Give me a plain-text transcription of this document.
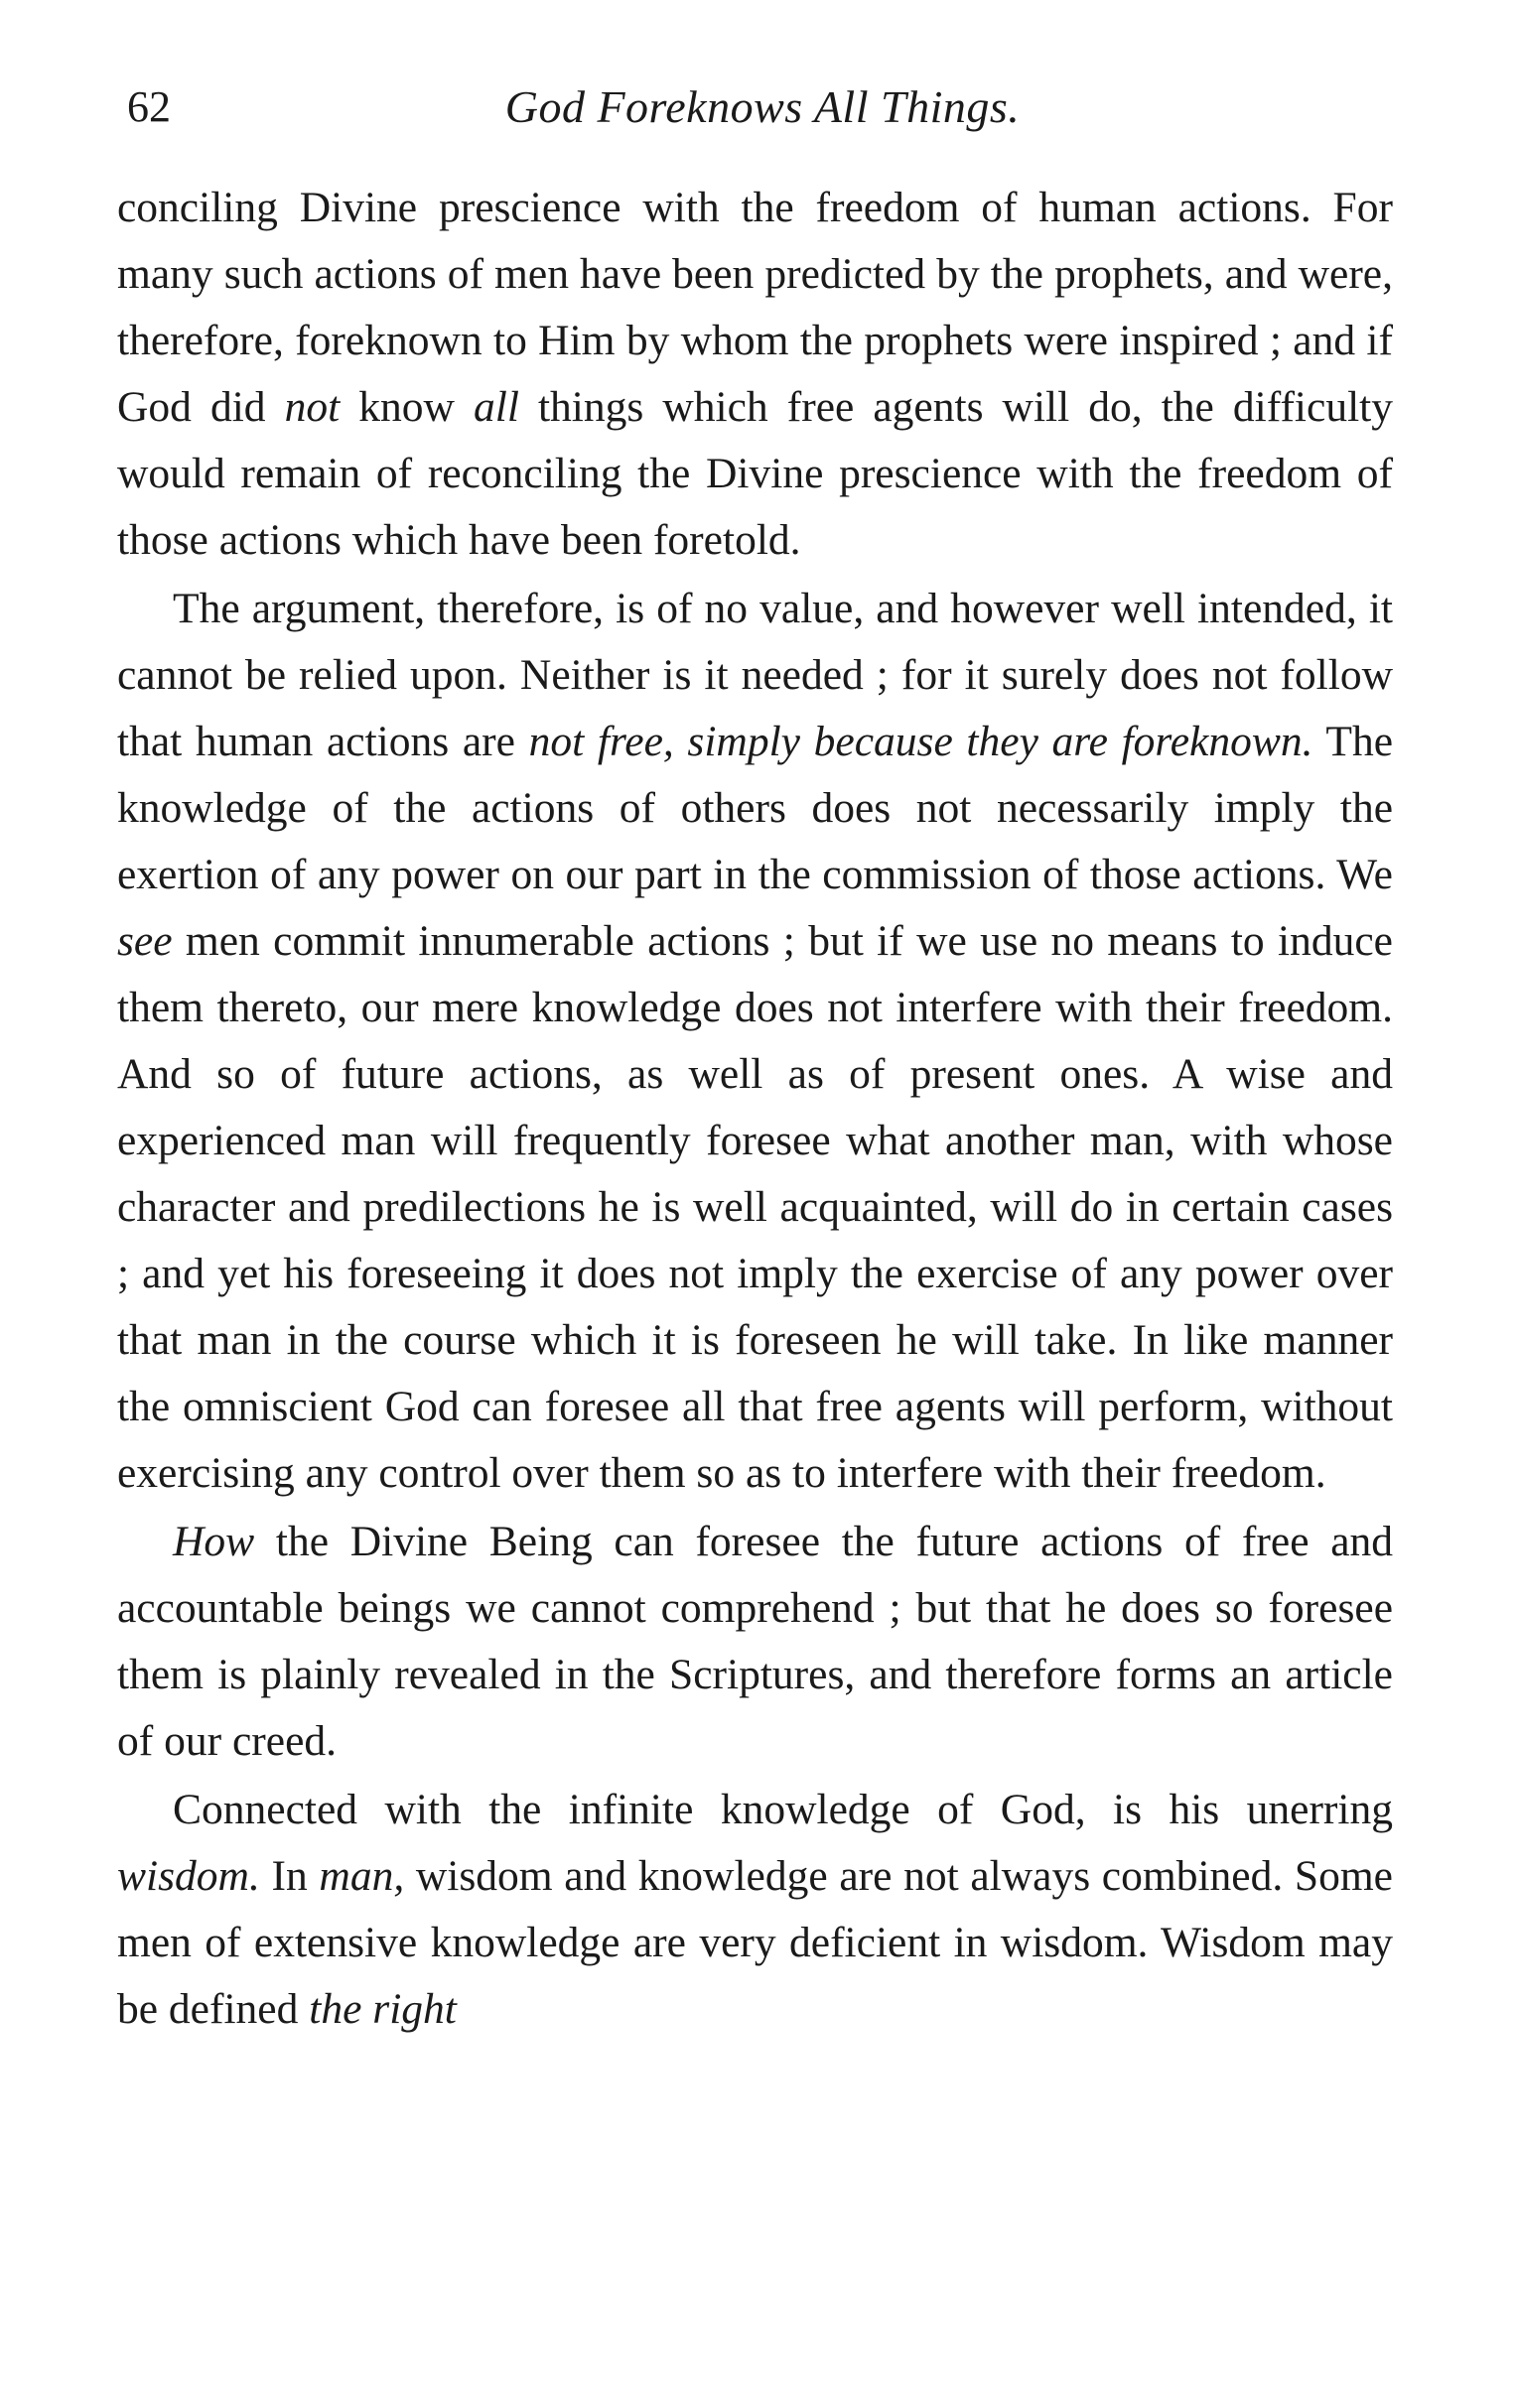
62	God Foreknows All Things.

conciling Divine prescience with the freedom of human actions. For many such actions of men have been predicted by the prophets, and were, therefore, foreknown to Him by whom the prophets were inspired ; and if God did not know all things which free agents will do, the difficulty would remain of reconciling the Divine prescience with the freedom of those actions which have been foretold.

The argument, therefore, is of no value, and however well intended, it cannot be relied upon. Neither is it needed ; for it surely does not follow that human actions are not free, simply because they are foreknown. The knowledge of the actions of others does not necessarily imply the exertion of any power on our part in the commission of those actions. We see men commit innumerable actions ; but if we use no means to induce them thereto, our mere knowledge does not interfere with their freedom. And so of future actions, as well as of present ones. A wise and experienced man will frequently foresee what another man, with whose character and predilections he is well acquainted, will do in certain cases ; and yet his foreseeing it does not imply the exercise of any power over that man in the course which it is foreseen he will take. In like manner the omniscient God can foresee all that free agents will perform, without exercising any control over them so as to interfere with their freedom.

How the Divine Being can foresee the future actions of free and accountable beings we cannot comprehend ; but that he does so foresee them is plainly revealed in the Scriptures, and therefore forms an article of our creed.

Connected with the infinite knowledge of God, is his unerring wisdom. In man, wisdom and knowledge are not always combined. Some men of extensive knowledge are very deficient in wisdom. Wisdom may be defined the right
